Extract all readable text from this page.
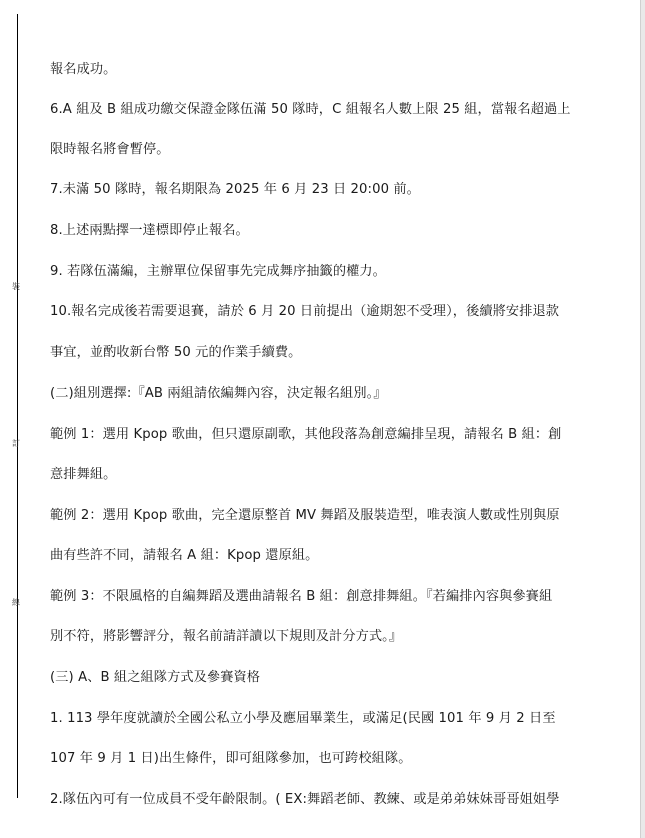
裝
訂
線
報名成功。
6.A 組及 B 組成功繳交保證金隊伍滿 50 隊時，C 組報名人數上限 25 組，當報名超過上
限時報名將會暫停。
7.未滿 50 隊時，報名期限為 2025 年 6 月 23 日 20:00 前。
8.上述兩點擇一達標即停止報名。
9. 若隊伍滿編，主辦單位保留事先完成舞序抽籤的權力。
10.報名完成後若需要退賽，請於 6 月 20 日前提出（逾期恕不受理），後續將安排退款
事宜，並酌收新台幣 50 元的作業手續費。
(二)組別選擇:『AB 兩組請依編舞內容，決定報名組別。』
範例 1：選用 Kpop 歌曲，但只還原副歌，其他段落為創意編排呈現，請報名 B 組：創
意排舞組。
範例 2：選用 Kpop 歌曲，完全還原整首 MV 舞蹈及服裝造型，唯表演人數或性別與原
曲有些許不同，請報名 A 組：Kpop 還原組。
範例 3：不限風格的自編舞蹈及選曲請報名 B 組：創意排舞組。『若編排內容與參賽組
別不符，將影響評分，報名前請詳讀以下規則及計分方式。』
(三) A、B 組之組隊方式及參賽資格
1. 113 學年度就讀於全國公私立小學及應屆畢業生，或滿足(民國 101 年 9 月 2 日至
107 年 9 月 1 日)出生條件，即可組隊參加，也可跨校組隊。
2.隊伍內可有一位成員不受年齡限制。( EX:舞蹈老師、教練、或是弟弟妹妹哥哥姐姐學
